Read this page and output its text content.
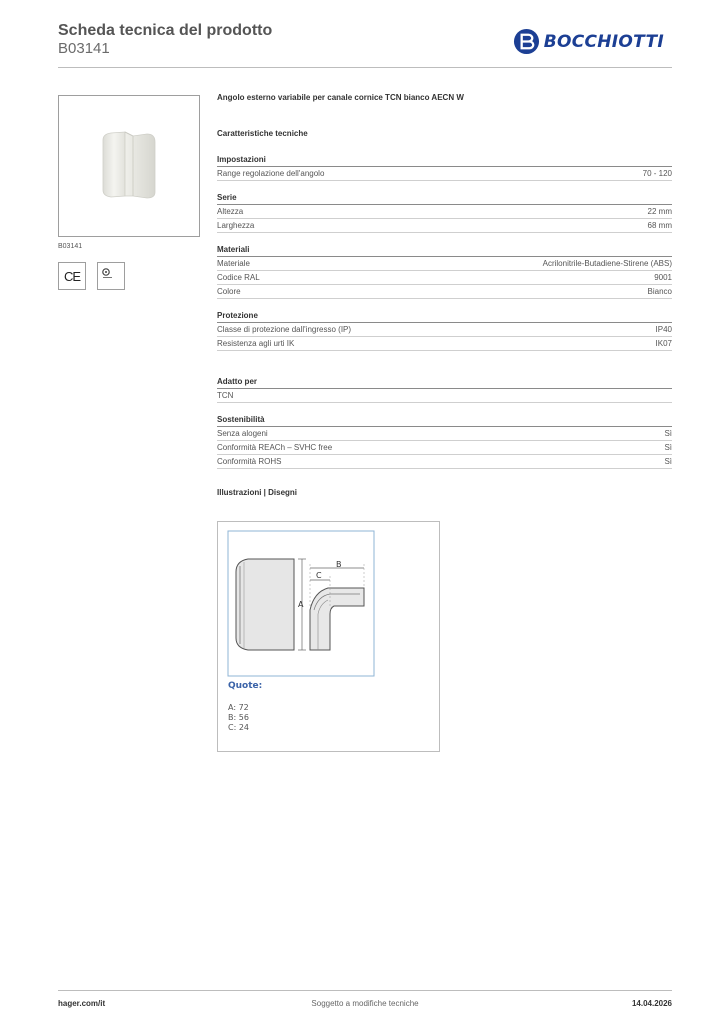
Scheda tecnica del prodotto
B03141	BOCCHIOTTI
B03141
CE
Angolo esterno variabile per canale cornice TCN bianco AECN W
Caratteristiche tecniche
Impostazioni
Range regolazione dell'angolo	70 - 120
Serie
Altezza	22 mm
Larghezza	68 mm
Materiali
Materiale	Acrilonitrile-Butadiene-Stirene (ABS)
Codice RAL	9001
Colore	Bianco
Protezione
Classe di protezione dall'ingresso (IP)	IP40
Resistenza agli urti IK	IK07
Adatto per
TCN
Sostenibilità
Senza alogeni	Sì
Conformità REACh – SVHC free	Sì
Conformità ROHS	Sì
Illustrazioni | Disegni
B
C
A
Quote:
A: 72
B: 56
C: 24
hager.com/it	Soggetto a modifiche tecniche	14.04.2026
